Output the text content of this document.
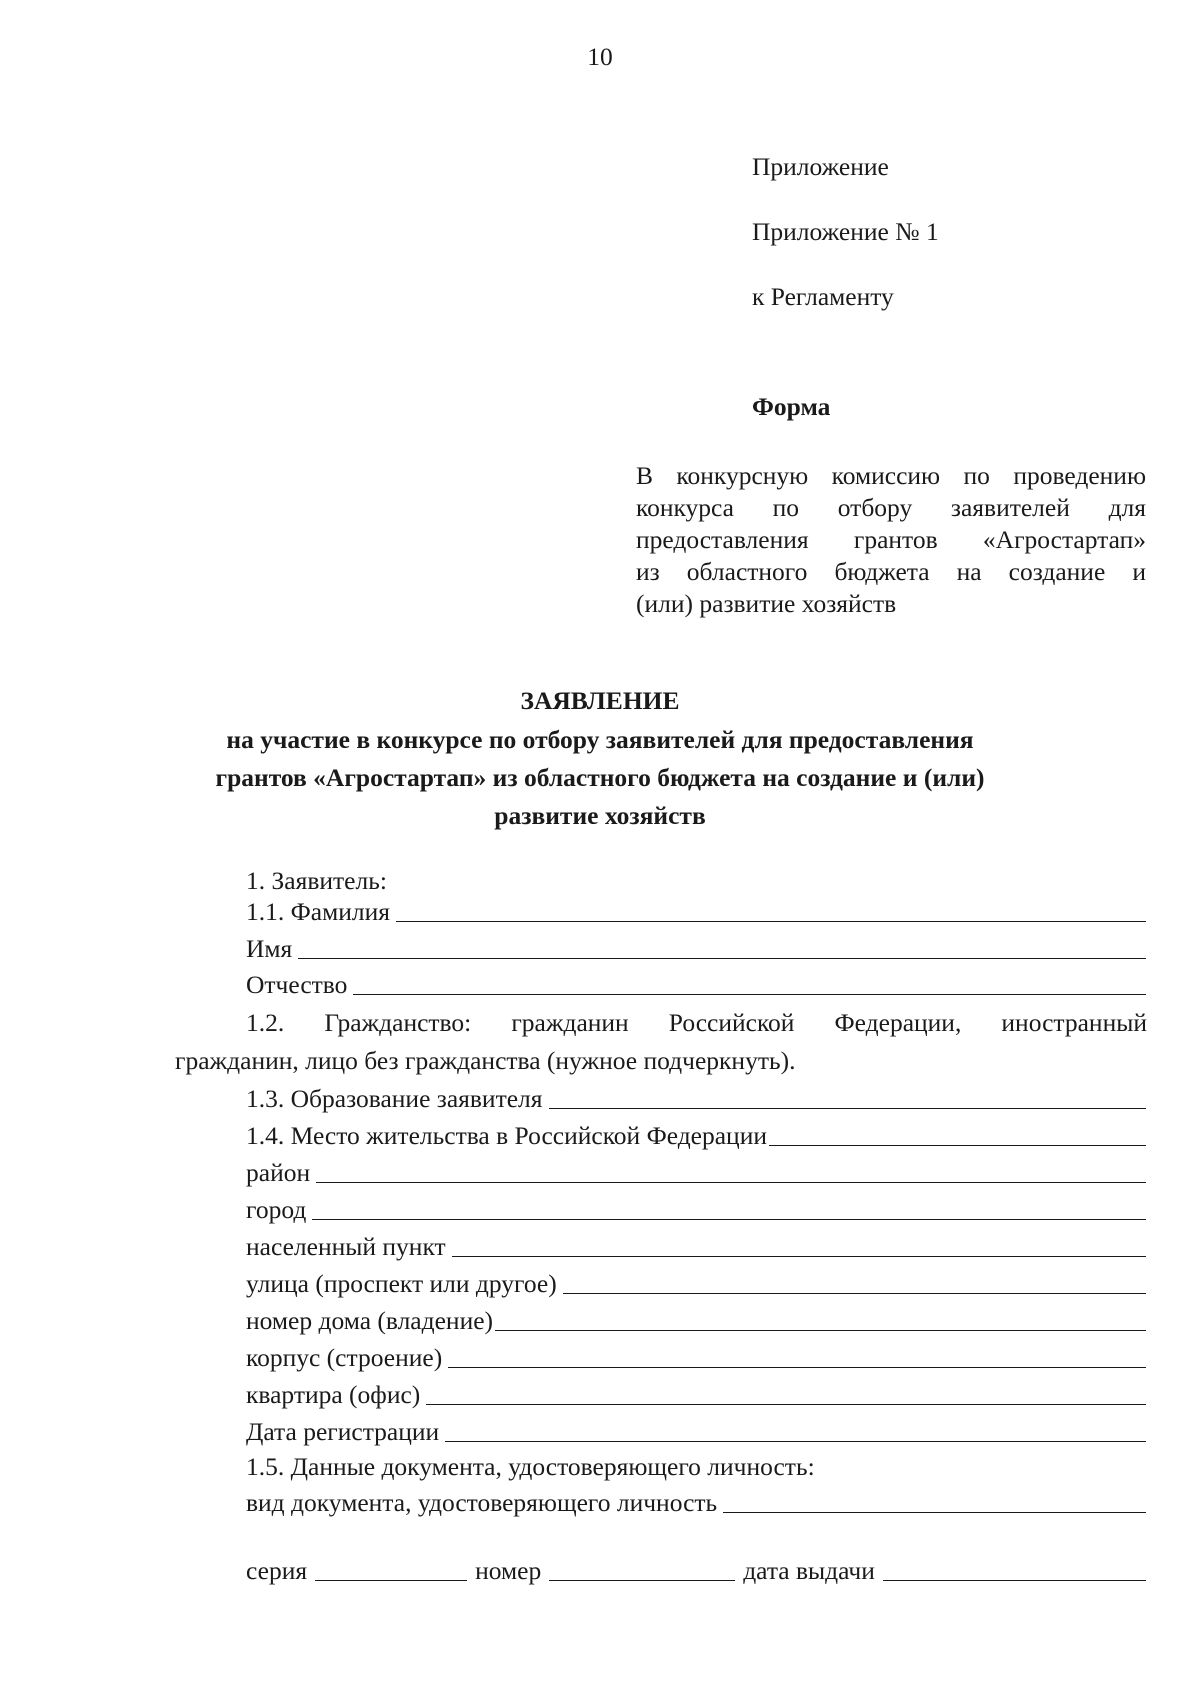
10
Приложение
Приложение № 1
к Регламенту
Форма
В конкурсную комиссию по проведению
конкурса по отбору заявителей для
предоставления грантов «Агростартап»
из областного бюджета на создание и
(или) развитие хозяйств
ЗАЯВЛЕНИЕ
на участие в конкурсе по отбору заявителей для предоставления
грантов «Агростартап» из областного бюджета на создание и (или)
развитие хозяйств
1. Заявитель:
1.1. Фамилия
Имя
Отчество
1.2. Гражданство: гражданин Российской Федерации, иностранный
гражданин, лицо без гражданства (нужное подчеркнуть).
1.3. Образование заявителя
1.4. Место жительства в Российской Федерации
район
город
населенный пункт
улица (проспект или другое)
номер дома (владение)
корпус (строение)
квартира (офис)
Дата регистрации
1.5. Данные документа, удостоверяющего личность:
вид документа, удостоверяющего личность
серия	номер	дата выдачи
